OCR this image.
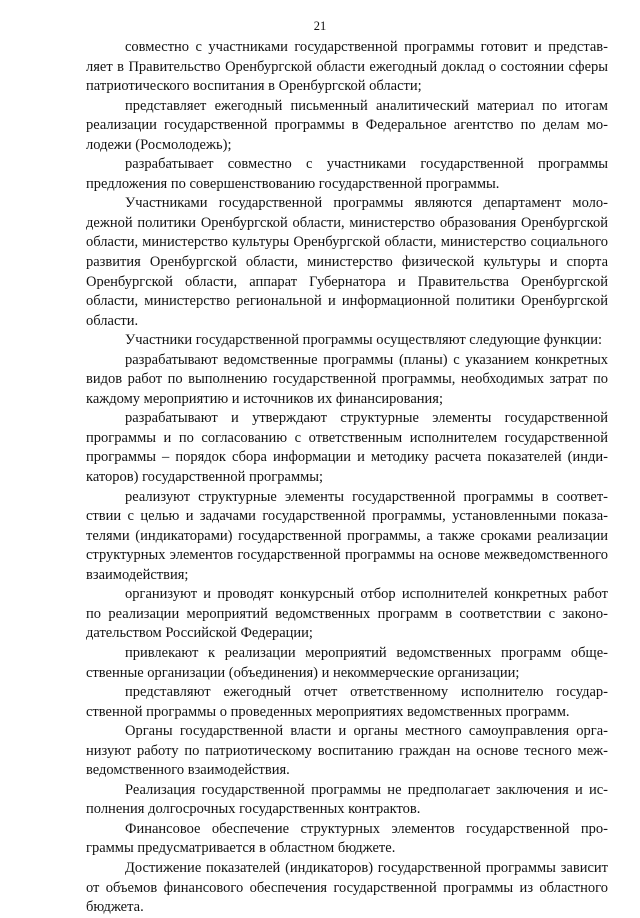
21

совместно с участниками государственной программы готовит и представляет в Правительство Оренбургской области ежегодный доклад о состоянии сферы патриотического воспитания в Оренбургской области;

представляет ежегодный письменный аналитический материал по итогам реализации государственной программы в Федеральное агентство по делам молодежи (Росмолодежь);

разрабатывает совместно с участниками государственной программы предложения по совершенствованию государственной программы.

Участниками государственной программы являются департамент молодежной политики Оренбургской области, министерство образования Оренбургской области, министерство культуры Оренбургской области, министерство социального развития Оренбургской области, министерство физической культуры и спорта Оренбургской области, аппарат Губернатора и Правительства Оренбургской области, министерство региональной и информационной политики Оренбургской области.

Участники государственной программы осуществляют следующие функции:

разрабатывают ведомственные программы (планы) с указанием конкретных видов работ по выполнению государственной программы, необходимых затрат по каждому мероприятию и источников их финансирования;

разрабатывают и утверждают структурные элементы государственной программы и по согласованию с ответственным исполнителем государственной программы – порядок сбора информации и методику расчета показателей (индикаторов) государственной программы;

реализуют структурные элементы государственной программы в соответствии с целью и задачами государственной программы, установленными показателями (индикаторами) государственной программы, а также сроками реализации структурных элементов государственной программы на основе межведомственного взаимодействия;

организуют и проводят конкурсный отбор исполнителей конкретных работ по реализации мероприятий ведомственных программ в соответствии с законодательством Российской Федерации;

привлекают к реализации мероприятий ведомственных программ общественные организации (объединения) и некоммерческие организации;

представляют ежегодный отчет ответственному исполнителю государственной программы о проведенных мероприятиях ведомственных программ.

Органы государственной власти и органы местного самоуправления организуют работу по патриотическому воспитанию граждан на основе тесного межведомственного взаимодействия.

Реализация государственной программы не предполагает заключения и исполнения долгосрочных государственных контрактов.

Финансовое обеспечение структурных элементов государственной программы предусматривается в областном бюджете.

Достижение показателей (индикаторов) государственной программы зависит от объемов финансового обеспечения государственной программы из областного бюджета.
